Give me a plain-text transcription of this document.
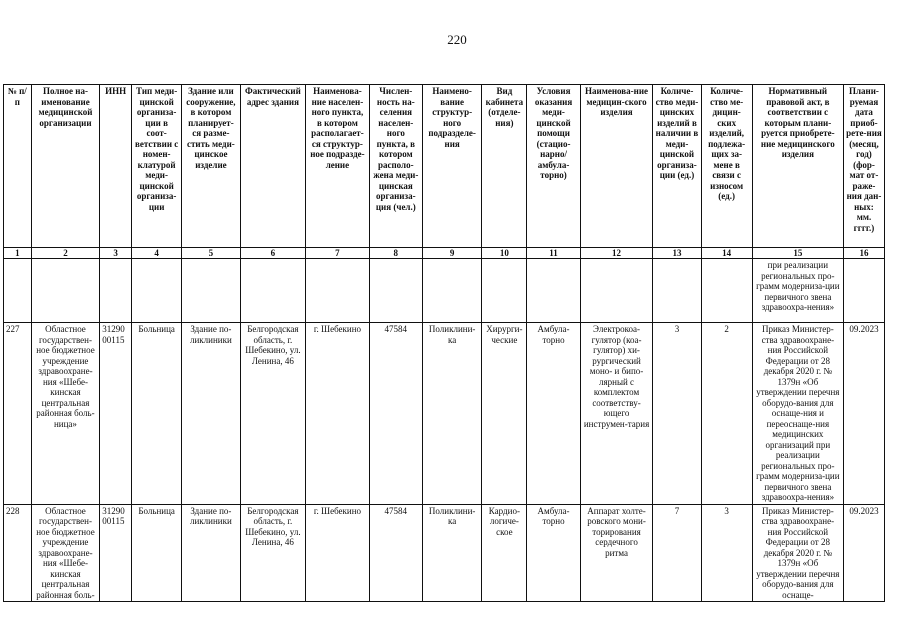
220
№ п/п	Полное на-именование медицинской организации	ИНН	Тип меди-цинской организа-ции в соот-ветствии с номен-клатурой меди-цинской организа-ции	Здание или сооружение, в котором планирует-ся разме-стить меди-цинское изделие	Фактический адрес здания	Наименова-ние населен-ного пункта, в котором располагает-ся структур-ное подразде-ление	Числен-ность на-селения населен-ного пункта, в котором располо-жена меди-цинская организа-ция (чел.)	Наимено-вание структур-ного подразделе-ния	Вид кабинета (отделе-ния)	Условия оказания меди-цинской помощи (стацио-нарно/ амбула-торно)	Наименова-ние медицин-ского изделия	Количе-ство меди-цинских изделий в наличии в меди-цинской организа-ции (ед.)	Количе-ство ме-дицин-ских изделий, подлежа-щих за-мене в связи с износом (ед.)	Нормативный правовой акт, в соответствии с которым плани-руется приобрете-ние медицинского изделия	Плани-руемая дата приоб-рете-ния (месяц, год) (фор-мат от-раже-ния дан-ных: мм. гггг.)
1	2	3	4	5	6	7	8	9	10	11	12	13	14	15	16
														при реализации региональных про-грамм модерниза-ции первичного звена здравоохра-нения»	
227	Областное государствен-ное бюджетное учреждение здравоохране-ния «Шебе-кинская центральная районная боль-ница»	31290 00115	Больница	Здание по-ликлиники	Белгородская область, г. Шебекино, ул. Ленина, 46	г. Шебекино	47584	Поликлини-ка	Хирурги-ческие	Амбула-торно	Электрокоа-гулятор (коа-гулятор) хи-рургический моно- и бипо-лярный с комплектом соответству-ющего инструмен-тария	3	2	Приказ Министер-ства здравоохране-ния Российской Федерации от 28 декабря 2020 г. № 1379н «Об утверждении перечня оборудо-вания для оснаще-ния и переоснаще-ния медицинских организаций при реализации региональных про-грамм модерниза-ции первичного звена здравоохра-нения»	09.2023
228	Областное государствен-ное бюджетное учреждение здравоохране-ния «Шебе-кинская центральная районная боль-	31290 00115	Больница	Здание по-ликлиники	Белгородская область, г. Шебекино, ул. Ленина, 46	г. Шебекино	47584	Поликлини-ка	Кардио-логиче-ское	Амбула-торно	Аппарат холте-ровского мони-торирования сердечного ритма	7	3	Приказ Министер-ства здравоохране-ния Российской Федерации от 28 декабря 2020 г. № 1379н «Об утверждении перечня оборудо-вания для оснаще-	09.2023
